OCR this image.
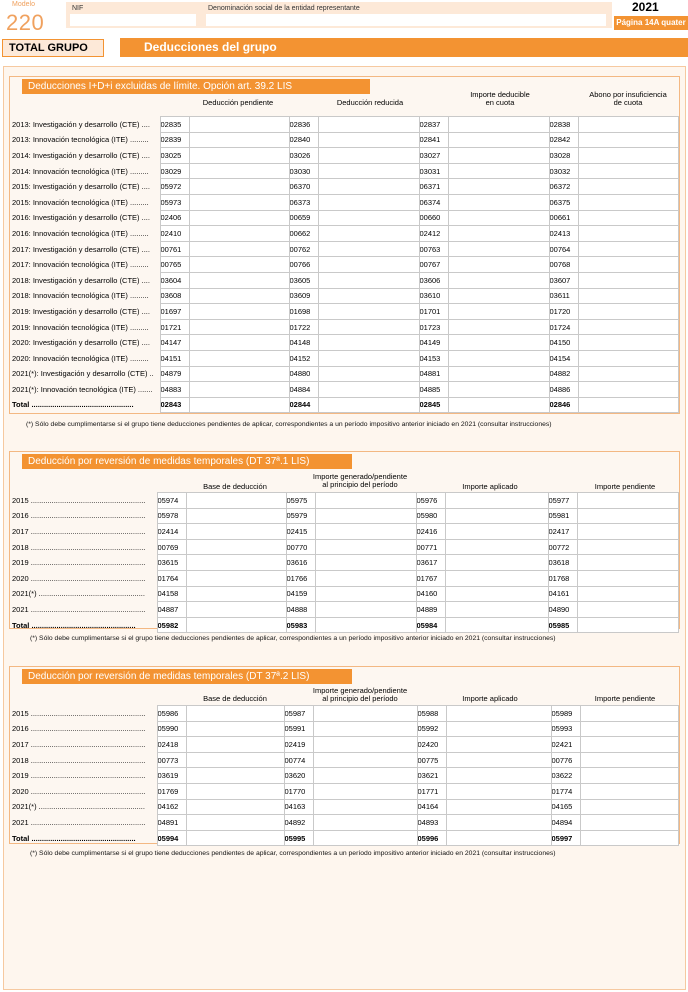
Modelo
220
NIF	Denominación social de la entidad representante	2021
Página 14A quater
TOTAL GRUPO	Deducciones del grupo
Deducciones I+D+i excluidas de límite. Opción art. 39.2 LIS
Deducción pendiente	Deducción reducida
Importe deducible
en cuota
Abono por insuficiencia
de cuota
2013: Investigación y desarrollo (CTE) ....	02835		02836		02837		02838	
2013: Innovación tecnológica (ITE) .........	02839		02840		02841		02842	
2014: Investigación y desarrollo (CTE) ....	03025		03026		03027		03028	
2014: Innovación tecnológica (ITE) .........	03029		03030		03031		03032	
2015: Investigación y desarrollo (CTE) ....	05972		06370		06371		06372	
2015: Innovación tecnológica (ITE) .........	05973		06373		06374		06375	
2016: Investigación y desarrollo (CTE) ....	02406		00659		00660		00661	
2016: Innovación tecnológica (ITE) .........	02410		00662		02412		02413	
2017: Investigación y desarrollo (CTE) ....	00761		00762		00763		00764	
2017: Innovación tecnológica (ITE) .........	00765		00766		00767		00768	
2018: Investigación y desarrollo (CTE) ....	03604		03605		03606		03607	
2018: Innovación tecnológica (ITE) .........	03608		03609		03610		03611	
2019: Investigación y desarrollo (CTE) ....	01697		01698		01701		01720	
2019: Innovación tecnológica (ITE) .........	01721		01722		01723		01724	
2020: Investigación y desarrollo (CTE) ....	04147		04148		04149		04150	
2020: Innovación tecnológica (ITE) .........	04151		04152		04153		04154	
2021(*): Investigación y desarrollo (CTE) ..	04879		04880		04881		04882	
2021(*): Innovación tecnológica (ITE) .......	04883		04884		04885		04886	
Total .................................................	02843		02844		02845		02846	
(*) Sólo debe cumplimentarse si el grupo tiene deducciones pendientes de aplicar, correspondientes a un período impositivo anterior iniciado en 2021 (consultar instrucciones)
Deducción por reversión de medidas temporales (DT 37ª.1 LIS)
Base de deducción
Importe generado/pendiente
al principio del período	Importe aplicado	Importe pendiente
2015 .......................................................	05974		05975		05976		05977	
2016 .......................................................	05978		05979		05980		05981	
2017 .......................................................	02414		02415		02416		02417	
2018 .......................................................	00769		00770		00771		00772	
2019 .......................................................	03615		03616		03617		03618	
2020 .......................................................	01764		01766		01767		01768	
2021(*) ...................................................	04158		04159		04160		04161	
2021 .......................................................	04887		04888		04889		04890	
Total ..................................................	05982		05983		05984		05985	
(*) Sólo debe cumplimentarse si el grupo tiene deducciones pendientes de aplicar, correspondientes a un período impositivo anterior iniciado en 2021 (consultar instrucciones)
Deducción por reversión de medidas temporales (DT 37ª.2 LIS)
Base de deducción
Importe generado/pendiente
al principio del período	Importe aplicado	Importe pendiente
2015 .......................................................	05986		05987		05988		05989	
2016 .......................................................	05990		05991		05992		05993	
2017 .......................................................	02418		02419		02420		02421	
2018 .......................................................	00773		00774		00775		00776	
2019 .......................................................	03619		03620		03621		03622	
2020 .......................................................	01769		01770		01771		01774	
2021(*) ...................................................	04162		04163		04164		04165	
2021 .......................................................	04891		04892		04893		04894	
Total ..................................................	05994		05995		05996		05997	
(*) Sólo debe cumplimentarse si el grupo tiene deducciones pendientes de aplicar, correspondientes a un período impositivo anterior iniciado en 2021 (consultar instrucciones)
